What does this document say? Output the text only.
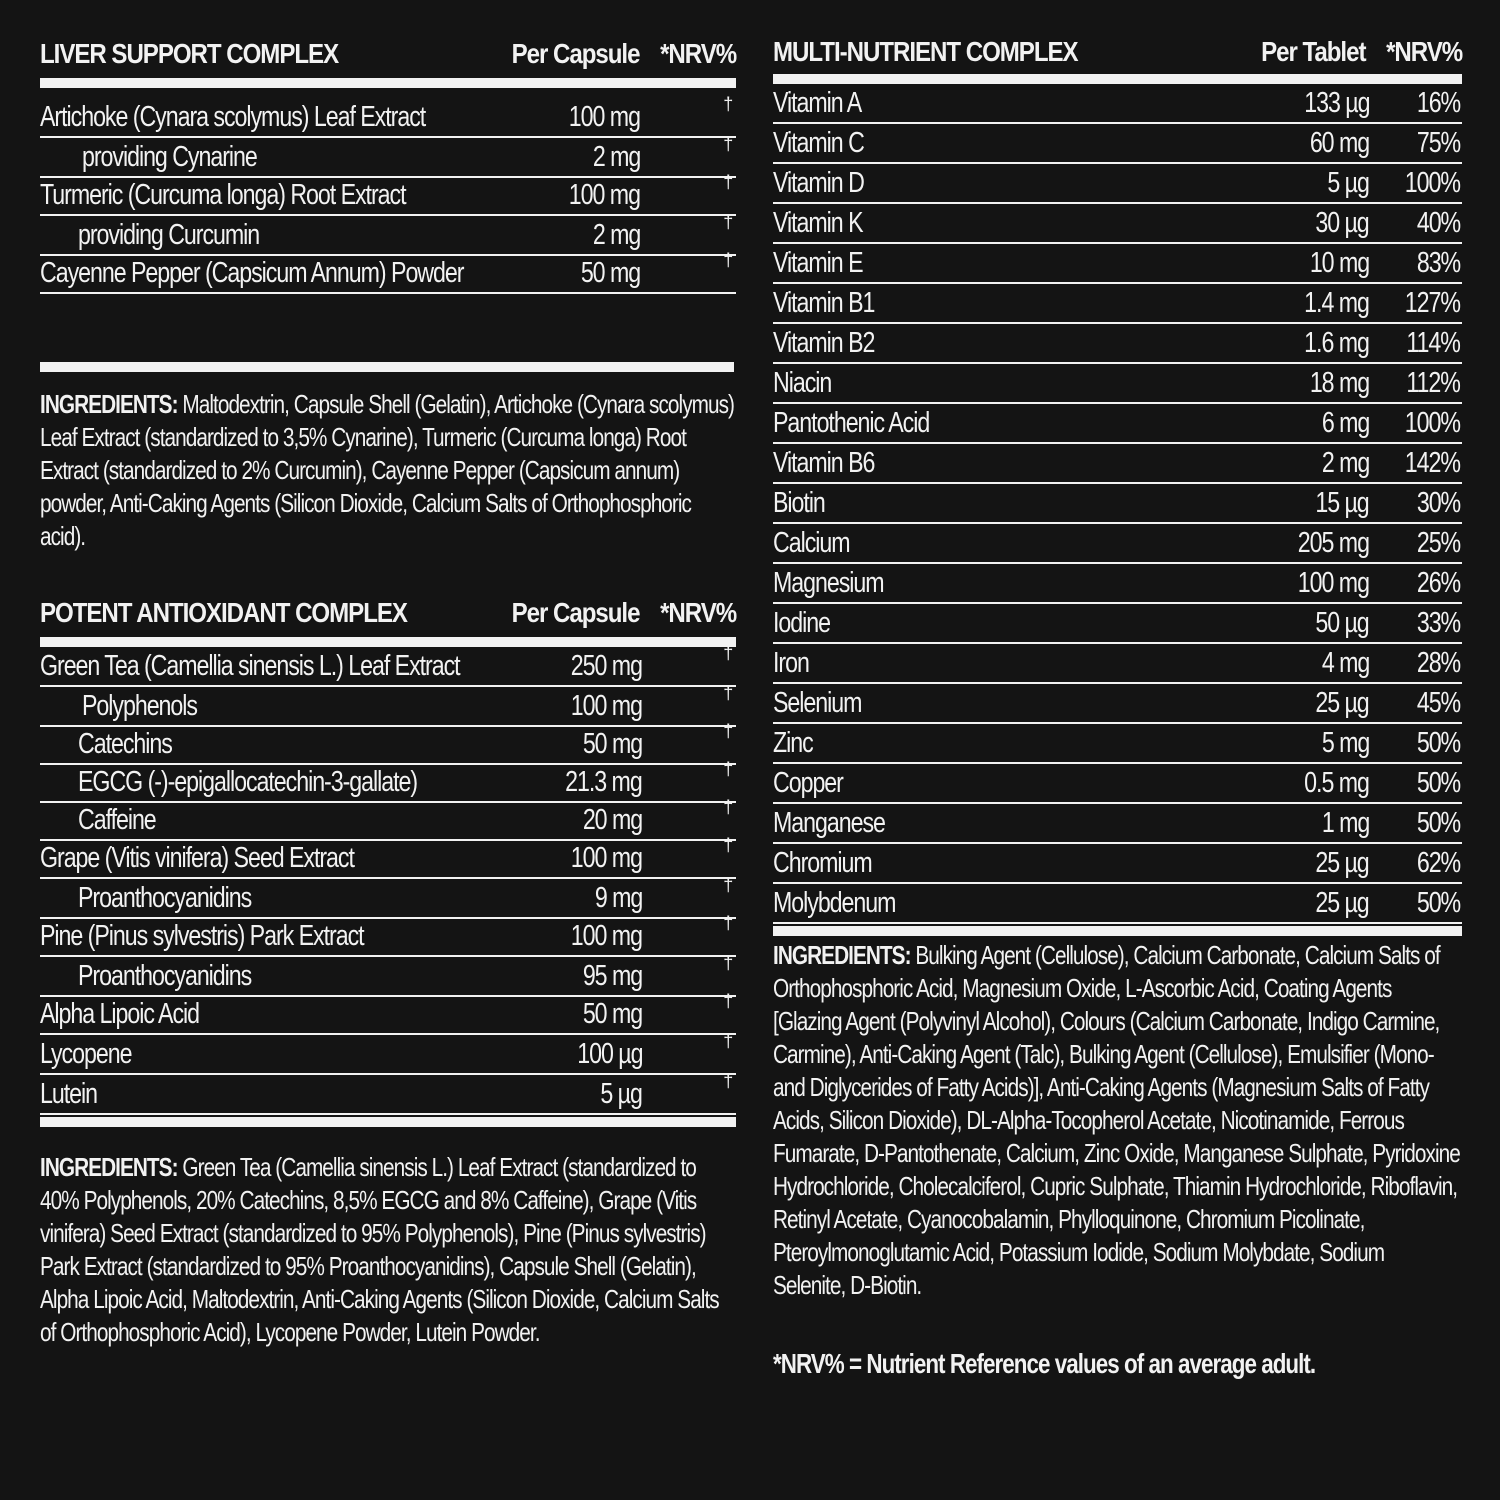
LIVER SUPPORT COMPLEX	Per Capsule *NRV%
Artichoke (Cynara scolymus) Leaf Extract	100 mg	†
providing Cynarine	2 mg	†
Turmeric (Curcuma longa) Root Extract	100 mg	†
providing Curcumin	2 mg	†
Cayenne Pepper (Capsicum Annum) Powder	50 mg	†
INGREDIENTS: Maltodextrin, Capsule Shell (Gelatin), Artichoke (Cynara scolymus) Leaf Extract (standardized to 3,5% Cynarine), Turmeric (Curcuma longa) Root Extract (standardized to 2% Curcumin), Cayenne Pepper (Capsicum annum) powder, Anti-Caking Agents (Silicon Dioxide, Calcium Salts of Orthophosphoric acid).
POTENT ANTIOXIDANT COMPLEX	Per Capsule *NRV%
Green Tea (Camellia sinensis L.) Leaf Extract	250 mg	†
Polyphenols	100 mg	†
Catechins	50 mg	†
EGCG (-)-epigallocatechin-3-gallate)	21.3 mg	†
Caffeine	20 mg	†
Grape (Vitis vinifera) Seed Extract	100 mg	†
Proanthocyanidins	9 mg	†
Pine (Pinus sylvestris) Park Extract	100 mg	†
Proanthocyanidins	95 mg	†
Alpha Lipoic Acid	50 mg	†
Lycopene	100 µg	†
Lutein	5 µg	†
INGREDIENTS: Green Tea (Camellia sinensis L.) Leaf Extract (standardized to 40% Polyphenols, 20% Catechins, 8,5% EGCG and 8% Caffeine), Grape (Vitis vinifera) Seed Extract (standardized to 95% Polyphenols), Pine (Pinus sylvestris) Park Extract (standardized to 95% Proanthocyanidins), Capsule Shell (Gelatin), Alpha Lipoic Acid, Maltodextrin, Anti-Caking Agents (Silicon Dioxide, Calcium Salts of Orthophosphoric Acid), Lycopene Powder, Lutein Powder.
MULTI-NUTRIENT COMPLEX	Per Tablet *NRV%
Vitamin A	133 µg 16%
Vitamin C	60 mg 75%
Vitamin D	5 µg 100%
Vitamin K	30 µg 40%
Vitamin E	10 mg 83%
Vitamin B1	1.4 mg 127%
Vitamin B2	1.6 mg 114%
Niacin	18 mg 112%
Pantothenic Acid	6 mg 100%
Vitamin B6	2 mg 142%
Biotin	15 µg 30%
Calcium	205 mg 25%
Magnesium	100 mg 26%
Iodine	50 µg 33%
Iron	4 mg 28%
Selenium	25 µg 45%
Zinc	5 mg 50%
Copper	0.5 mg 50%
Manganese	1 mg 50%
Chromium	25 µg 62%
Molybdenum	25 µg 50%
INGREDIENTS: Bulking Agent (Cellulose), Calcium Carbonate, Calcium Salts of Orthophosphoric Acid, Magnesium Oxide, L-Ascorbic Acid, Coating Agents [Glazing Agent (Polyvinyl Alcohol), Colours (Calcium Carbonate, Indigo Carmine, Carmine), Anti-Caking Agent (Talc), Bulking Agent (Cellulose), Emulsifier (Mono-and Diglycerides of Fatty Acids)], Anti-Caking Agents (Magnesium Salts of Fatty Acids, Silicon Dioxide), DL-Alpha-Tocopherol Acetate, Nicotinamide, Ferrous Fumarate, D-Pantothenate, Calcium, Zinc Oxide, Manganese Sulphate, Pyridoxine Hydrochloride, Cholecalciferol, Cupric Sulphate, Thiamin Hydrochloride, Riboflavin, Retinyl Acetate, Cyanocobalamin, Phylloquinone, Chromium Picolinate, Pteroylmonoglutamic Acid, Potassium Iodide, Sodium Molybdate, Sodium Selenite, D-Biotin.
*NRV% = Nutrient Reference values of an average adult.
